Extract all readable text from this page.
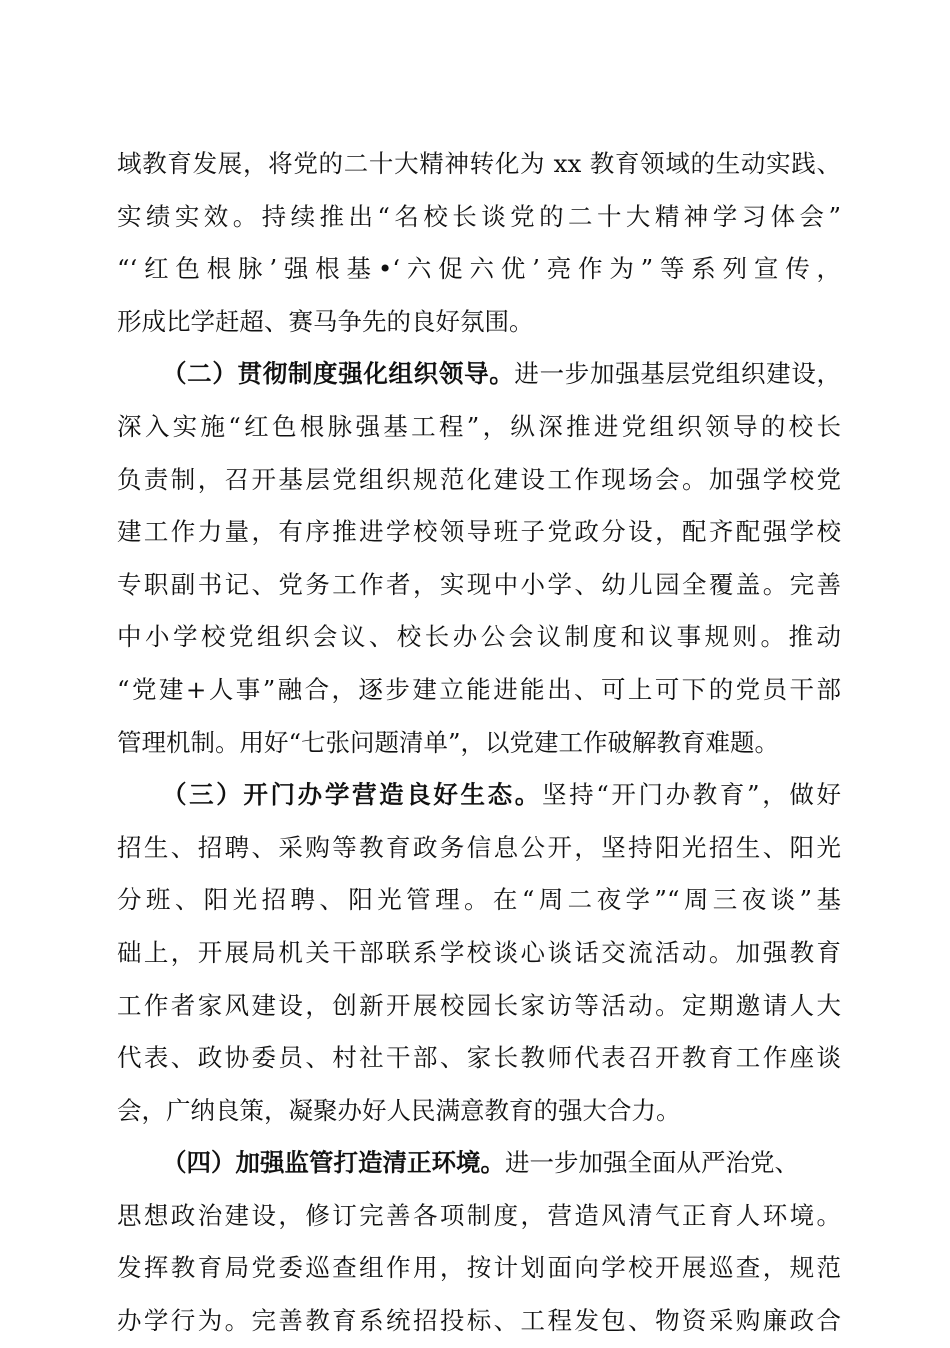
域教育发展，将党的二十大精神转化为 xx 教育领域的生动实践、
实绩实效。持续推出“名校长谈党的二十大精神学习体会”
“‘红色根脉’强根基•‘六促六优’亮作为”等系列宣传，
形成比学赶超、赛马争先的良好氛围。
（二）贯彻制度强化组织领导。进一步加强基层党组织建设，
深入实施“红色根脉强基工程”，纵深推进党组织领导的校长
负责制，召开基层党组织规范化建设工作现场会。加强学校党
建工作力量，有序推进学校领导班子党政分设，配齐配强学校
专职副书记、党务工作者，实现中小学、幼儿园全覆盖。完善
中小学校党组织会议、校长办公会议制度和议事规则。推动
“党建+人事”融合，逐步建立能进能出、可上可下的党员干部
管理机制。用好“七张问题清单”，以党建工作破解教育难题。
（三）开门办学营造良好生态。坚持“开门办教育”，做好
招生、招聘、采购等教育政务信息公开，坚持阳光招生、阳光
分班、阳光招聘、阳光管理。在“周二夜学”“周三夜谈”基
础上，开展局机关干部联系学校谈心谈话交流活动。加强教育
工作者家风建设，创新开展校园长家访等活动。定期邀请人大
代表、政协委员、村社干部、家长教师代表召开教育工作座谈
会，广纳良策，凝聚办好人民满意教育的强大合力。
（四）加强监管打造清正环境。进一步加强全面从严治党、
思想政治建设，修订完善各项制度，营造风清气正育人环境。
发挥教育局党委巡查组作用，按计划面向学校开展巡查，规范
办学行为。完善教育系统招投标、工程发包、物资采购廉政合
